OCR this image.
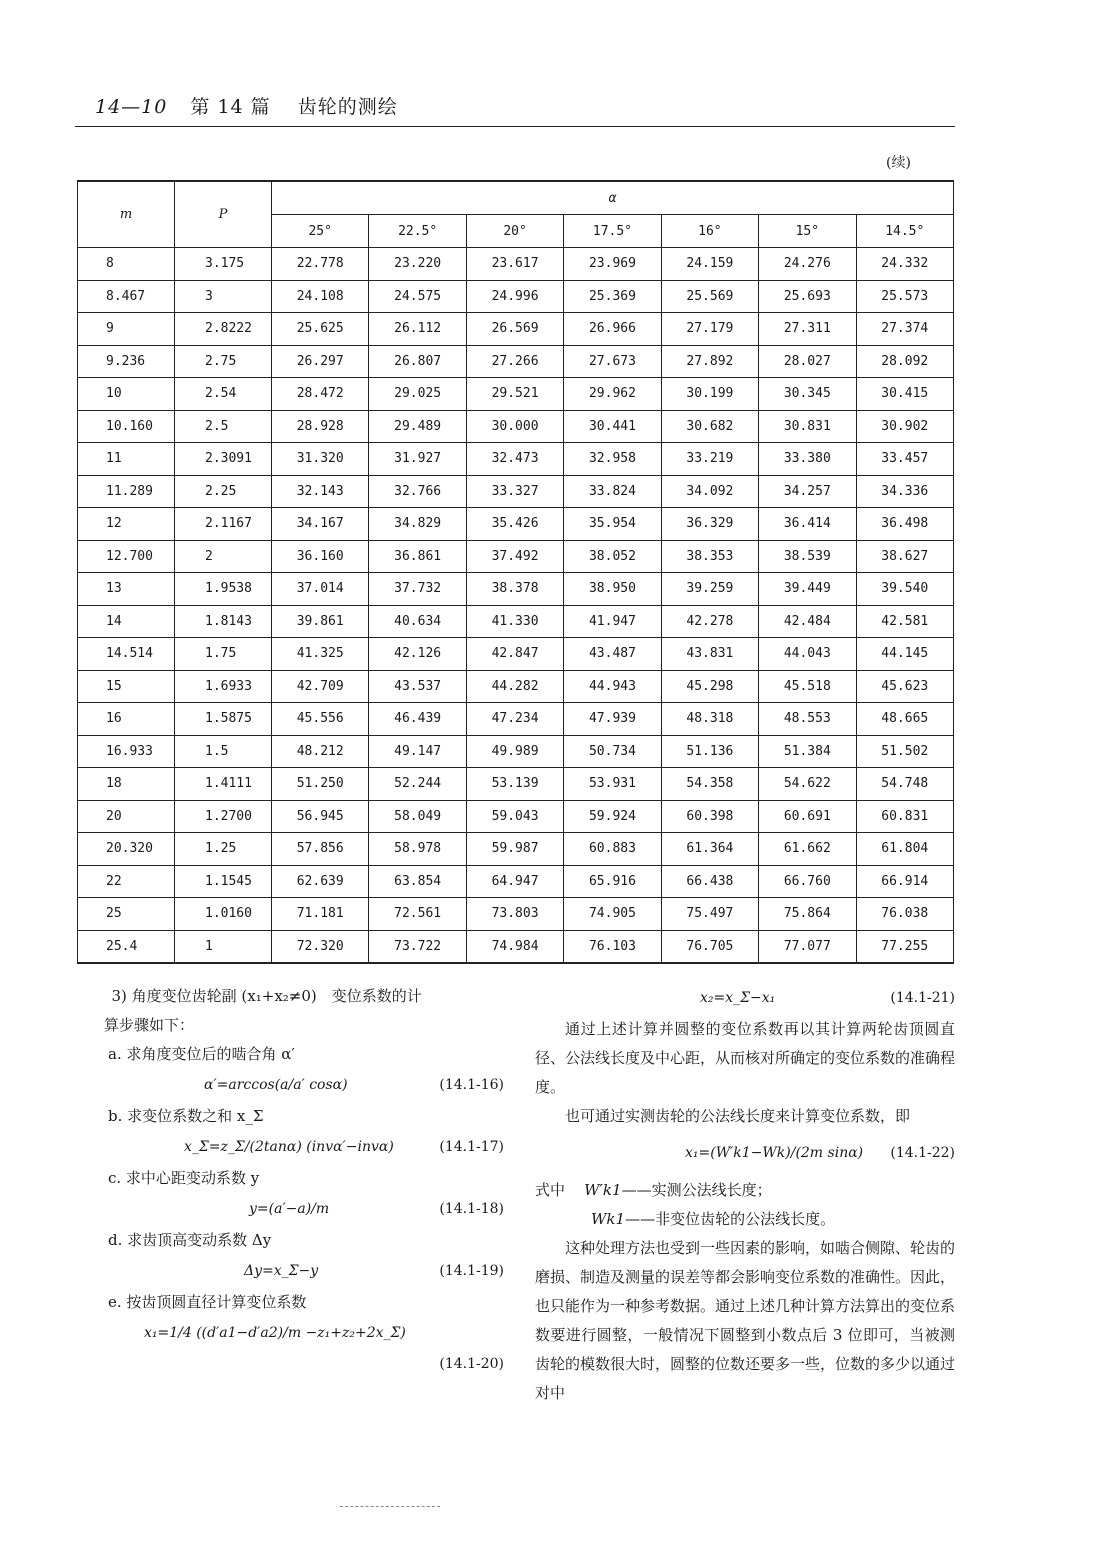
14—10 第 14 篇 齿轮的测绘
(续)
m	P	α						
		25°	22.5°	20°	17.5°	16°	15°	14.5°
8	3.175	22.778	23.220	23.617	23.969	24.159	24.276	24.332
8.467	3	24.108	24.575	24.996	25.369	25.569	25.693	25.573
9	2.8222	25.625	26.112	26.569	26.966	27.179	27.311	27.374
9.236	2.75	26.297	26.807	27.266	27.673	27.892	28.027	28.092
10	2.54	28.472	29.025	29.521	29.962	30.199	30.345	30.415
10.160	2.5	28.928	29.489	30.000	30.441	30.682	30.831	30.902
11	2.3091	31.320	31.927	32.473	32.958	33.219	33.380	33.457
11.289	2.25	32.143	32.766	33.327	33.824	34.092	34.257	34.336
12	2.1167	34.167	34.829	35.426	35.954	36.329	36.414	36.498
12.700	2	36.160	36.861	37.492	38.052	38.353	38.539	38.627
13	1.9538	37.014	37.732	38.378	38.950	39.259	39.449	39.540
14	1.8143	39.861	40.634	41.330	41.947	42.278	42.484	42.581
14.514	1.75	41.325	42.126	42.847	43.487	43.831	44.043	44.145
15	1.6933	42.709	43.537	44.282	44.943	45.298	45.518	45.623
16	1.5875	45.556	46.439	47.234	47.939	48.318	48.553	48.665
16.933	1.5	48.212	49.147	49.989	50.734	51.136	51.384	51.502
18	1.4111	51.250	52.244	53.139	53.931	54.358	54.622	54.748
20	1.2700	56.945	58.049	59.043	59.924	60.398	60.691	60.831
20.320	1.25	57.856	58.978	59.987	60.883	61.364	61.662	61.804
22	1.1545	62.639	63.854	64.947	65.916	66.438	66.760	66.914
25	1.0160	71.181	72.561	73.803	74.905	75.497	75.864	76.038
25.4	1	72.320	73.722	74.984	76.103	76.705	77.077	77.255

3) 角度变位齿轮副 (x₁+x₂≠0)　变位系数的计

算步骤如下：

a. 求角度变位后的啮合角 α′

α′=arccos(a/a′ cosα)	(14.1-16)

b. 求变位系数之和 x_Σ

x_Σ=z_Σ/(2tanα) (invα′−invα)	(14.1-17)

c. 求中心距变动系数 y

y=(a′−a)/m	(14.1-18)

d. 求齿顶高变动系数 Δy

Δy=x_Σ−y	(14.1-19)

e. 按齿顶圆直径计算变位系数

x₁=1/4 ((d′a1−d′a2)/m −z₁+z₂+2x_Σ)
(14.1-20)
x₂=x_Σ−x₁	(14.1-21)

通过上述计算并圆整的变位系数再以其计算两轮齿顶圆直径、公法线长度及中心距，从而核对所确定的变位系数的准确程度。

也可通过实测齿轮的公法线长度来计算变位系数，即

x₁=(W′k1−Wk)/(2m sinα) (14.1-22)

式中 W′k1——实测公法线长度；

Wk1——非变位齿轮的公法线长度。

这种处理方法也受到一些因素的影响，如啮合侧隙、轮齿的磨损、制造及测量的误差等都会影响变位系数的准确性。因此，也只能作为一种参考数据。通过上述几种计算方法算出的变位系数要进行圆整，一般情况下圆整到小数点后 3 位即可，当被测齿轮的模数很大时，圆整的位数还要多一些，位数的多少以通过对中
